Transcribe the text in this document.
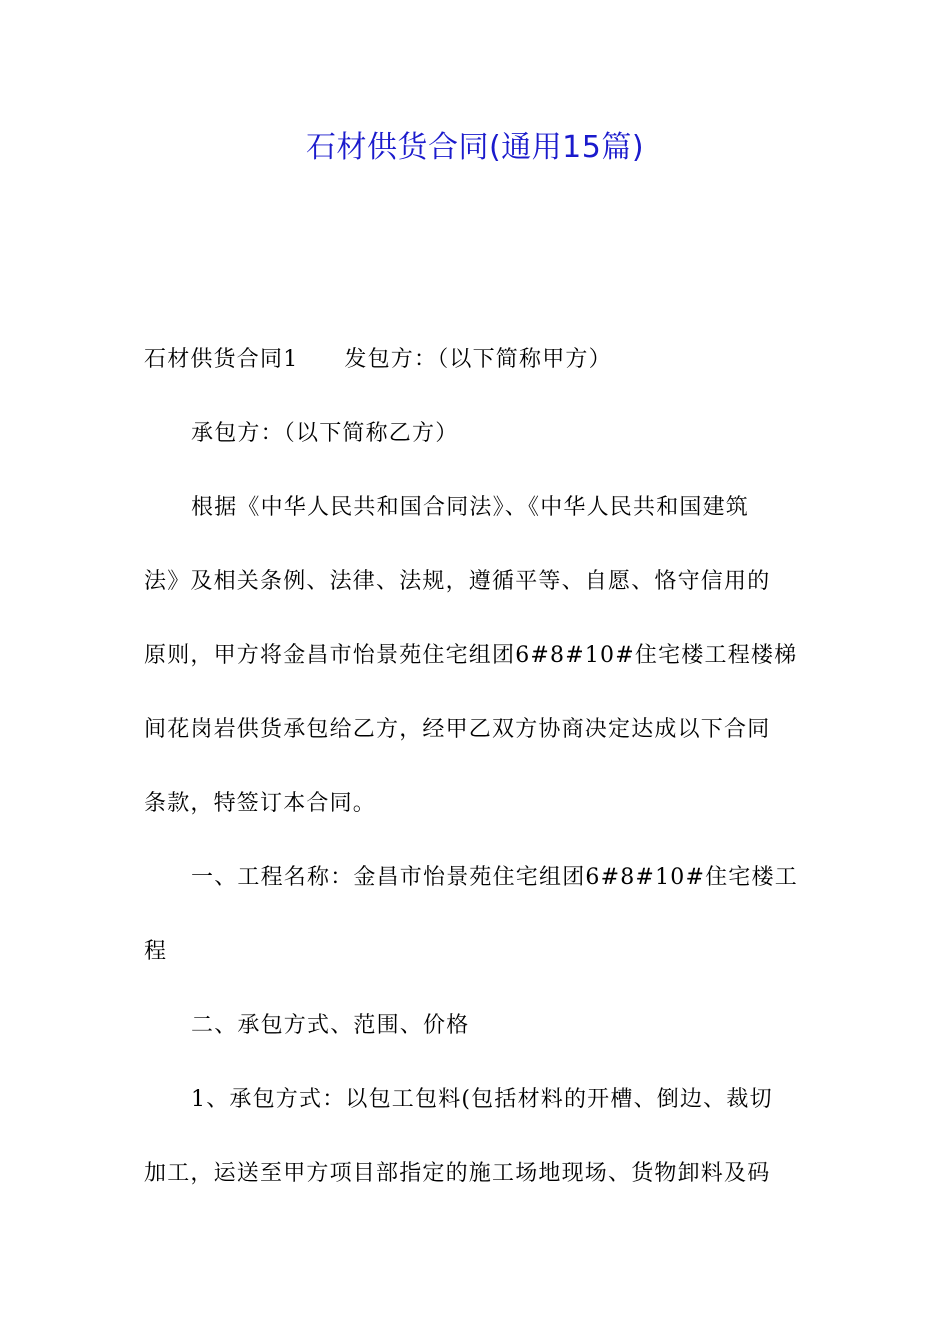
石材供货合同(通用15篇)
石材供货合同1 发包方：（以下简称甲方）
承包方：（以下简称乙方）
根据《中华人民共和国合同法》、《中华人民共和国建筑
法》及相关条例、法律、法规，遵循平等、自愿、恪守信用的
原则，甲方将金昌市怡景苑住宅组团6#8#10#住宅楼工程楼梯
间花岗岩供货承包给乙方，经甲乙双方协商决定达成以下合同
条款，特签订本合同。
一、工程名称：金昌市怡景苑住宅组团6#8#10#住宅楼工
程
二、承包方式、范围、价格
1、承包方式：以包工包料(包括材料的开槽、倒边、裁切
加工，运送至甲方项目部指定的施工场地现场、货物卸料及码
